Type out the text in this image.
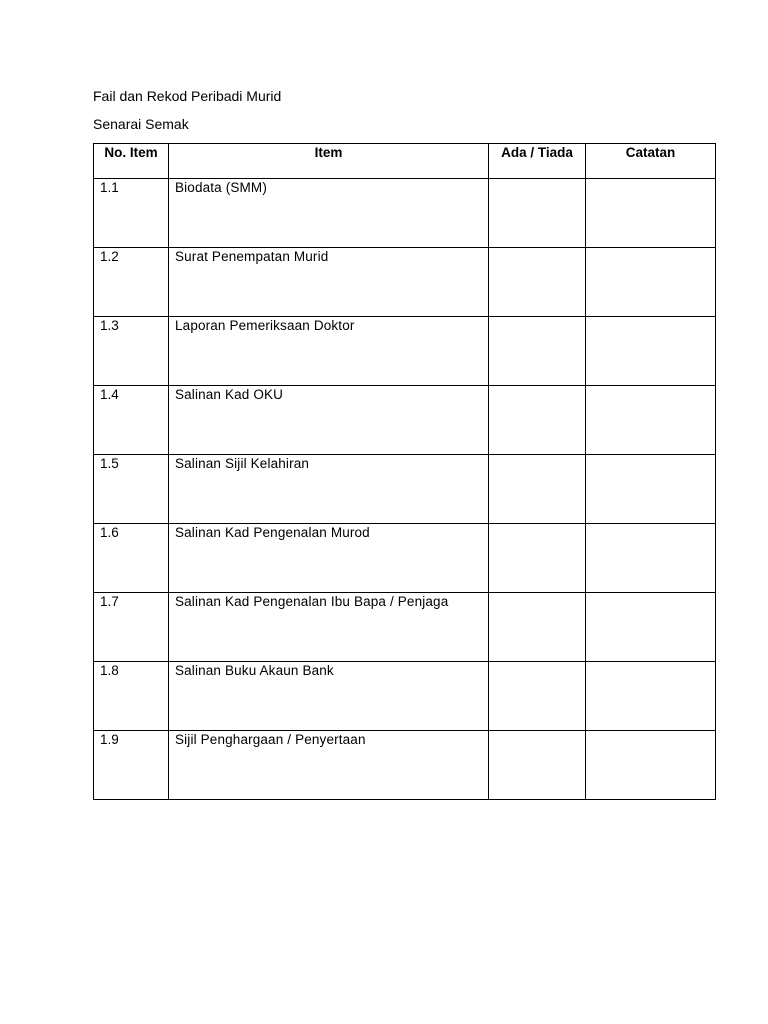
Fail dan Rekod Peribadi Murid
Senarai Semak
No. Item	Item	Ada / Tiada	Catatan
1.1	Biodata (SMM)		
1.2	Surat Penempatan Murid		
1.3	Laporan Pemeriksaan Doktor		
1.4	Salinan Kad OKU		
1.5	Salinan Sijil Kelahiran		
1.6	Salinan Kad Pengenalan Murod		
1.7	Salinan Kad Pengenalan Ibu Bapa / Penjaga		
1.8	Salinan Buku Akaun Bank		
1.9	Sijil Penghargaan / Penyertaan		
